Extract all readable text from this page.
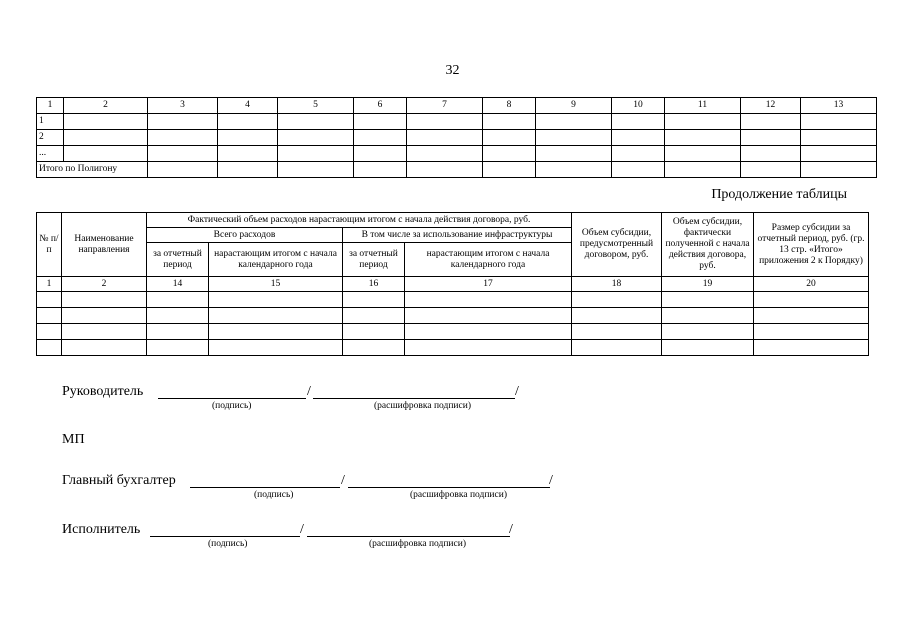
32
1	2	3	4	5	6	7	8	9	10	11	12	13
1												
2												
...												
Итого по Полигону												
Продолжение таблицы
№ п/п	Наименование направления	Фактический объем расходов нарастающим итогом с начала действия договора, руб.				Объем субсидии, предусмотренный договором, руб.	Объем субсидии, фактически полученной с начала действия договора, руб.	Размер субсидии за отчетный период, руб. (гр. 13 стр. «Итого» приложения 2 к Порядку)
		Всего расходов		В том числе за использование инфраструктуры				
		за отчетный период	нарастающим итогом с начала календарного года	за отчетный период	нарастающим итогом с начала календарного года			
1	2	14	15	16	17	18	19	20

Руководитель	/	/
(подпись)	(расшифровка подписи)
МП
Главный бухгалтер	/	/
(подпись)	(расшифровка подписи)
Исполнитель	/	/
(подпись)	(расшифровка подписи)
